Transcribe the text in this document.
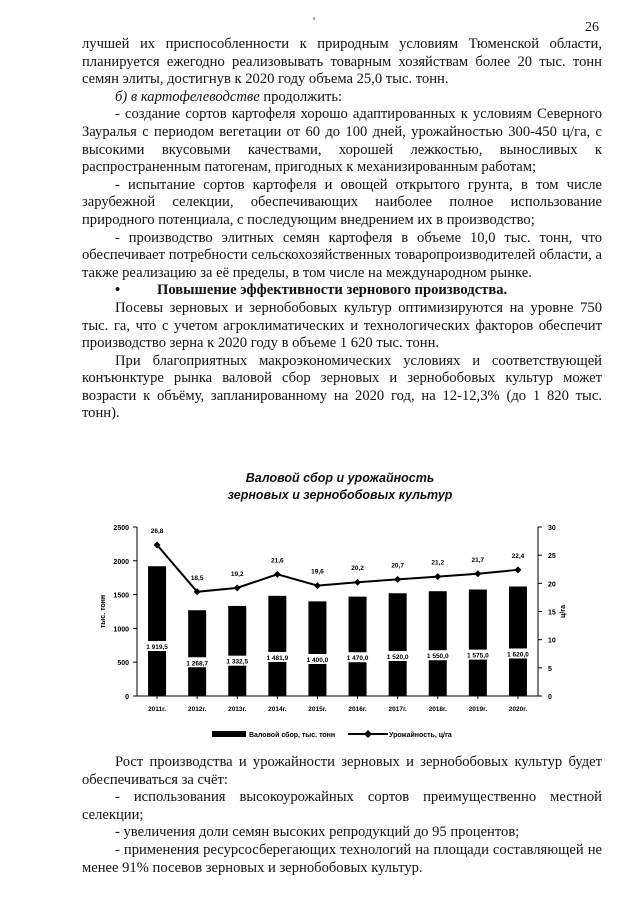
'	26

лучшей их приспособленности к природным условиям Тюменской области, планируется ежегодно реализовывать товарным хозяйствам более 20 тыс. тонн семян элиты, достигнув к 2020 году объема 25,0 тыс. тонн.

б) в картофелеводстве продолжить:

- создание сортов картофеля хорошо адаптированных к условиям Северного Зауралья с периодом вегетации от 60 до 100 дней, урожайностью 300-450 ц/га, с высокими вкусовыми качествами, хорошей лежкостью, выносливых к распространенным патогенам, пригодных к механизированным работам;

- испытание сортов картофеля и овощей открытого грунта, в том числе зарубежной селекции, обеспечивающих наиболее полное использование природного потенциала, с последующим внедрением их в производство;

- производство элитных семян картофеля в объеме 10,0 тыс. тонн, что обеспечивает потребности сельскохозяйственных товаропроизводителей области, а также реализацию за её пределы, в том числе на международном рынке.

•	Повышение эффективности зернового производства.

Посевы зерновых и зернобобовых культур оптимизируются на уровне 750 тыс. га, что с учетом агроклиматических и технологических факторов обеспечит производство зерна к 2020 году в объеме 1 620 тыс. тонн.

При благоприятных макроэкономических условиях и соответствующей конъюнктуре рынка валовой сбор зерновых и зернобобовых культур может возрасти к объёму, запланированному на 2020 год, на 12-12,3% (до 1 820 тыс. тонн).

Валовой сбор и урожайность
зерновых и зернобобовых культур
0
500
1000
1500
2000
2500
0
5
10
15
20
25
30
тыс. тонн	ц/га
1 919,5
2011г.
1 268,7
2012г.
1 332,5
2013г.
1 481,9
2014г.
1 400,0
2015г.
1 470,0
2016г.
1 520,0
2017г.
1 550,0
2018г.
1 575,0
2019г.
1 620,0
2020г.
26,8
18,5
19,2
21,6
19,6	20,2	20,7	21,2	21,7
22,4
Валовой сбор, тыс. тонн	Урожайность, ц/га

Рост производства и урожайности зерновых и зернобобовых культур будет обеспечиваться за счёт:

- использования высокоурожайных сортов преимущественно местной селекции;

- увеличения доли семян высоких репродукций до 95 процентов;

- применения ресурсосберегающих технологий на площади составляющей не менее 91% посевов зерновых и зернобобовых культур.
